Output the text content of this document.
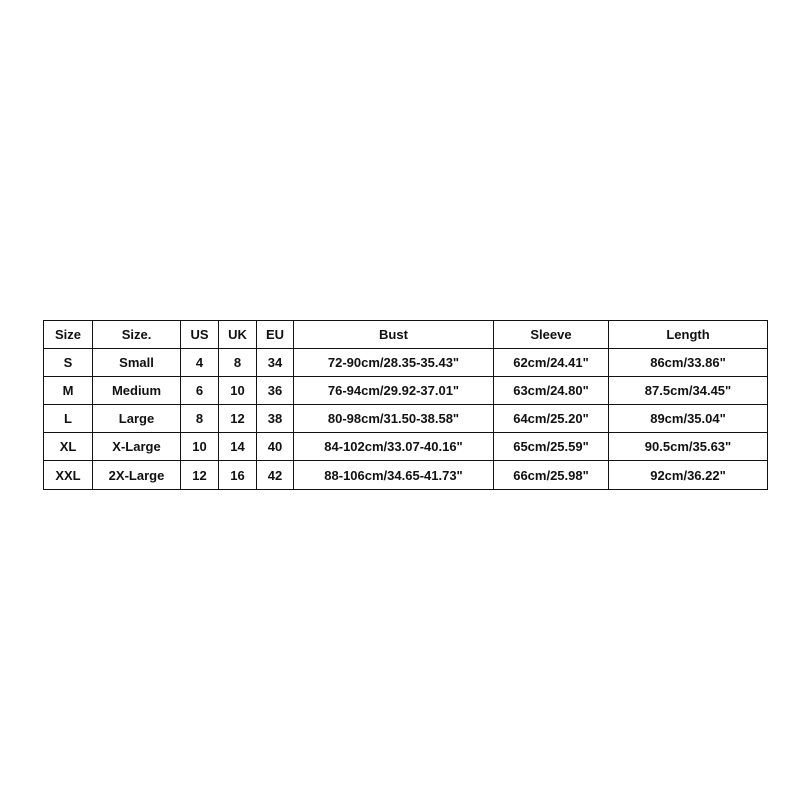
Size	Size.	US	UK	EU	Bust	Sleeve	Length
S	Small	4	8	34	72-90cm/28.35-35.43"	62cm/24.41"	86cm/33.86"
M	Medium	6	10	36	76-94cm/29.92-37.01"	63cm/24.80"	87.5cm/34.45"
L	Large	8	12	38	80-98cm/31.50-38.58"	64cm/25.20"	89cm/35.04"
XL	X-Large	10	14	40	84-102cm/33.07-40.16"	65cm/25.59"	90.5cm/35.63"
XXL	2X-Large	12	16	42	88-106cm/34.65-41.73"	66cm/25.98"	92cm/36.22"
